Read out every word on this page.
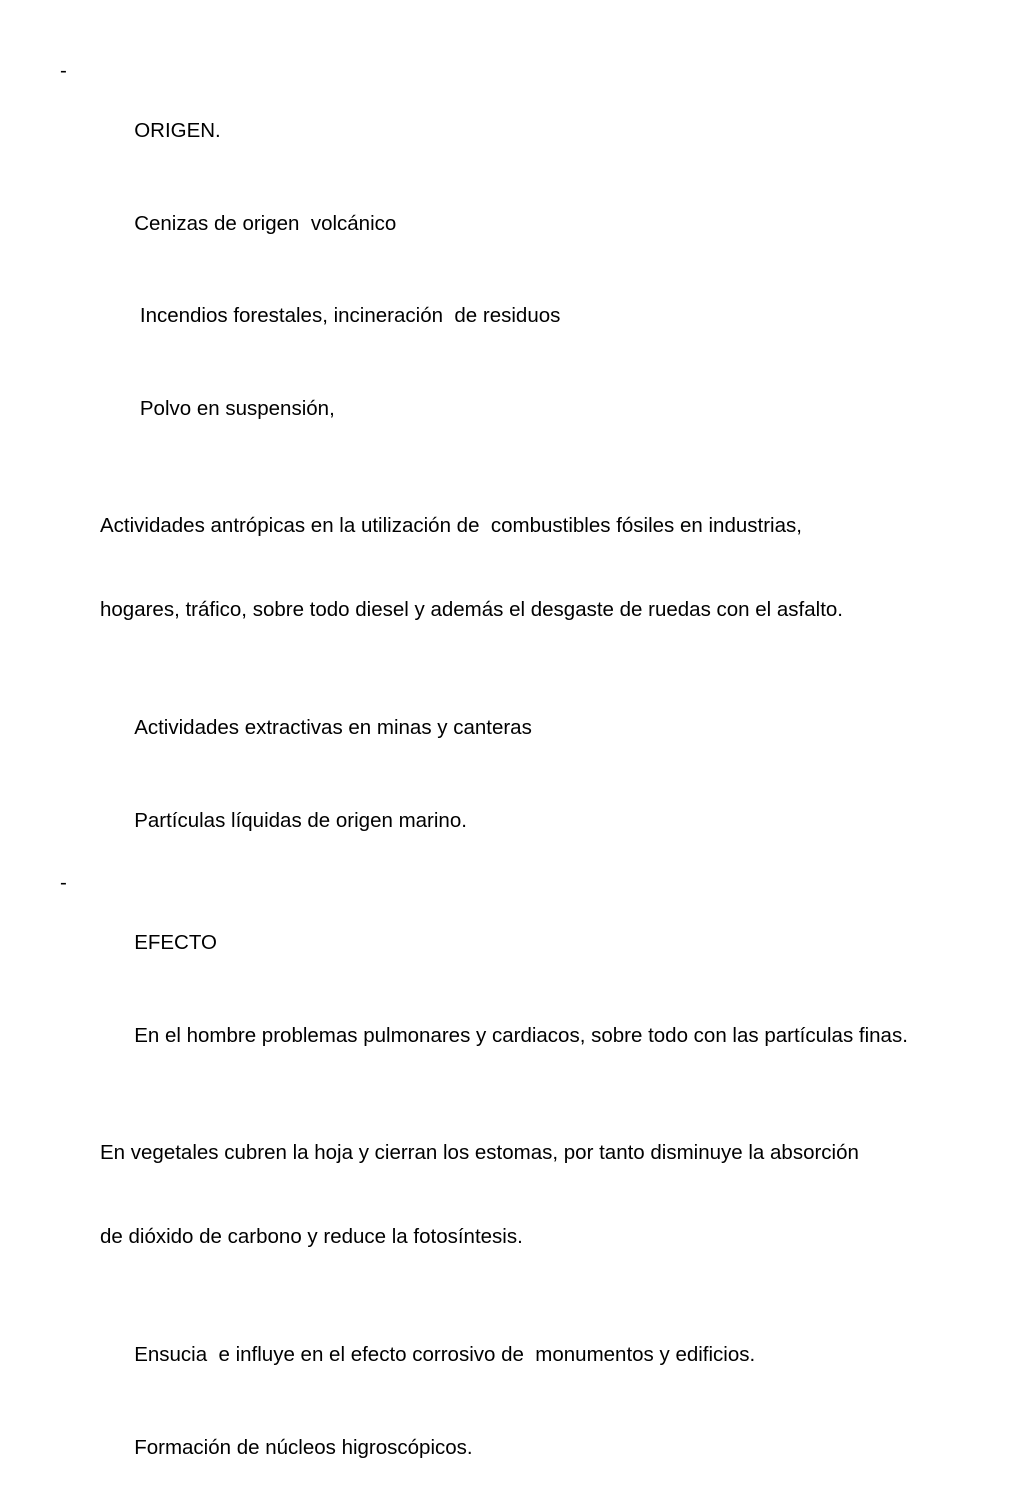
-

ORIGEN.

Cenizas de origen  volcánico

Incendios forestales, incineración  de residuos

Polvo en suspensión,

Actividades antrópicas en la utilización de  combustibles fósiles en industrias,

hogares, tráfico, sobre todo diesel y además el desgaste de ruedas con el asfalto.

Actividades extractivas en minas y canteras

Partículas líquidas de origen marino.

-

EFECTO

En el hombre problemas pulmonares y cardiacos, sobre todo con las partículas finas.

En vegetales cubren la hoja y cierran los estomas, por tanto disminuye la absorción

de dióxido de carbono y reduce la fotosíntesis.

Ensucia  e influye en el efecto corrosivo de  monumentos y edificios.

Formación de núcleos higroscópicos.
